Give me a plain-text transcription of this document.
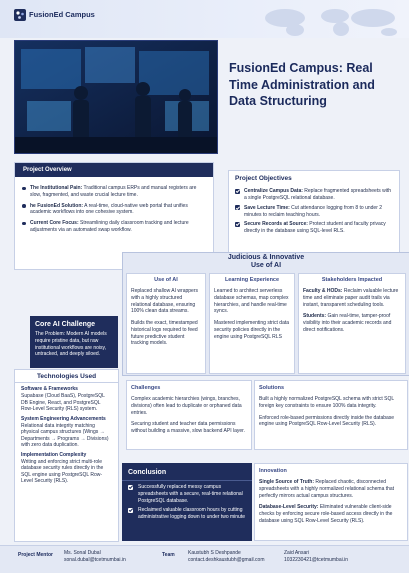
FusionEd Campus
FusionEd Campus: Real Time Administration and Data Structuring
Project Overview
The Institutional Pain: Traditional campus ERPs and manual registers are slow, fragmented, and waste crucial lecture time.
he FusionEd Solution: A real-time, cloud-native web portal that unifies academic workflows into one cohesive system.
Current Core Focus: Streamlining daily classroom tracking and lecture adjustments via an automated swap workflow.
Project Objectives
Centralize Campus Data: Replace fragmented spreadsheets with a single PostgreSQL relational database.
Save Lecture Time: Cut attendance logging from 8 to under 2 minutes to reclaim teaching hours.
Secure Records at Source: Protect student and faculty privacy directly in the database using SQL-level RLS.
Judicious & Innovative
Use of AI
Use of AI
Replaced shallow AI wrappers with a highly structured relational database, ensuring 100% clean data streams.
Builds the exact, timestamped historical logs required to feed future predictive student tracking models.
Learning Experience
Learned to architect serverless database schemas, map complex hierarchies, and handle real-time syncs.
Mastered implementing strict data security policies directly in the engine using PostgreSQL RLS
Stakeholders Impacted
Faculty & HODs: Reclaim valuable lecture time and eliminate paper audit trails via instant, transparent scheduling tools.
Students: Gain real-time, tamper-proof visibility into their academic records and direct notifications.
Core AI Challenge
The Problem: Modern AI models require pristine data, but raw institutional workflows are noisy, untracked, and deeply siloed.
Technologies Used
Software & Frameworks
Supabase (Cloud BaaS), PostgreSQL DB Engine, React, and PostgreSQL Row-Level Security (RLS) system.
System Engineering Advancements
Relational data integrity matching physical campus structures (Wings → Departments → Programs → Divisions) with zero data duplication.
Implementation Complexity
Writing and enforcing strict multi-role database security rules directly in the SQL engine using PostgreSQL Row-Level Security (RLS).
Challenges
Complex academic hierarchies (wings, branches, divisions) often lead to duplicate or orphaned data entries.
Securing student and teacher data permissions without building a massive, slow backend API layer.
Solutions
Built a highly normalized PostgreSQL schema with strict SQL foreign key constraints to ensure 100% data integrity.
Enforced role-based permissions directly inside the database engine using PostgreSQL Row-Level Security (RLS).
Conclusion
Successfully replaced messy campus spreadsheets with a secure, real-time relational PostgreSQL database.
Reclaimed valuable classroom hours by cutting administrative logging down to under two minute
Innovation
Single Source of Truth: Replaced chaotic, disconnected spreadsheets with a highly normalized relational schema that perfectly mirrors actual campus structures.
Database-Level Security: Eliminated vulnerable client-side checks by enforcing secure role-based access directly in the database using SQL Row-Level Security (RLS).
Project Mentor Ms. Sonal Dubal
sonal.dubal@tcetmumbai.in
Team	Kaustubh S Deshpande
contact.deshkaustubh@gmail.com
Zaid Ansari
1032230421@tcetmumbai.in
